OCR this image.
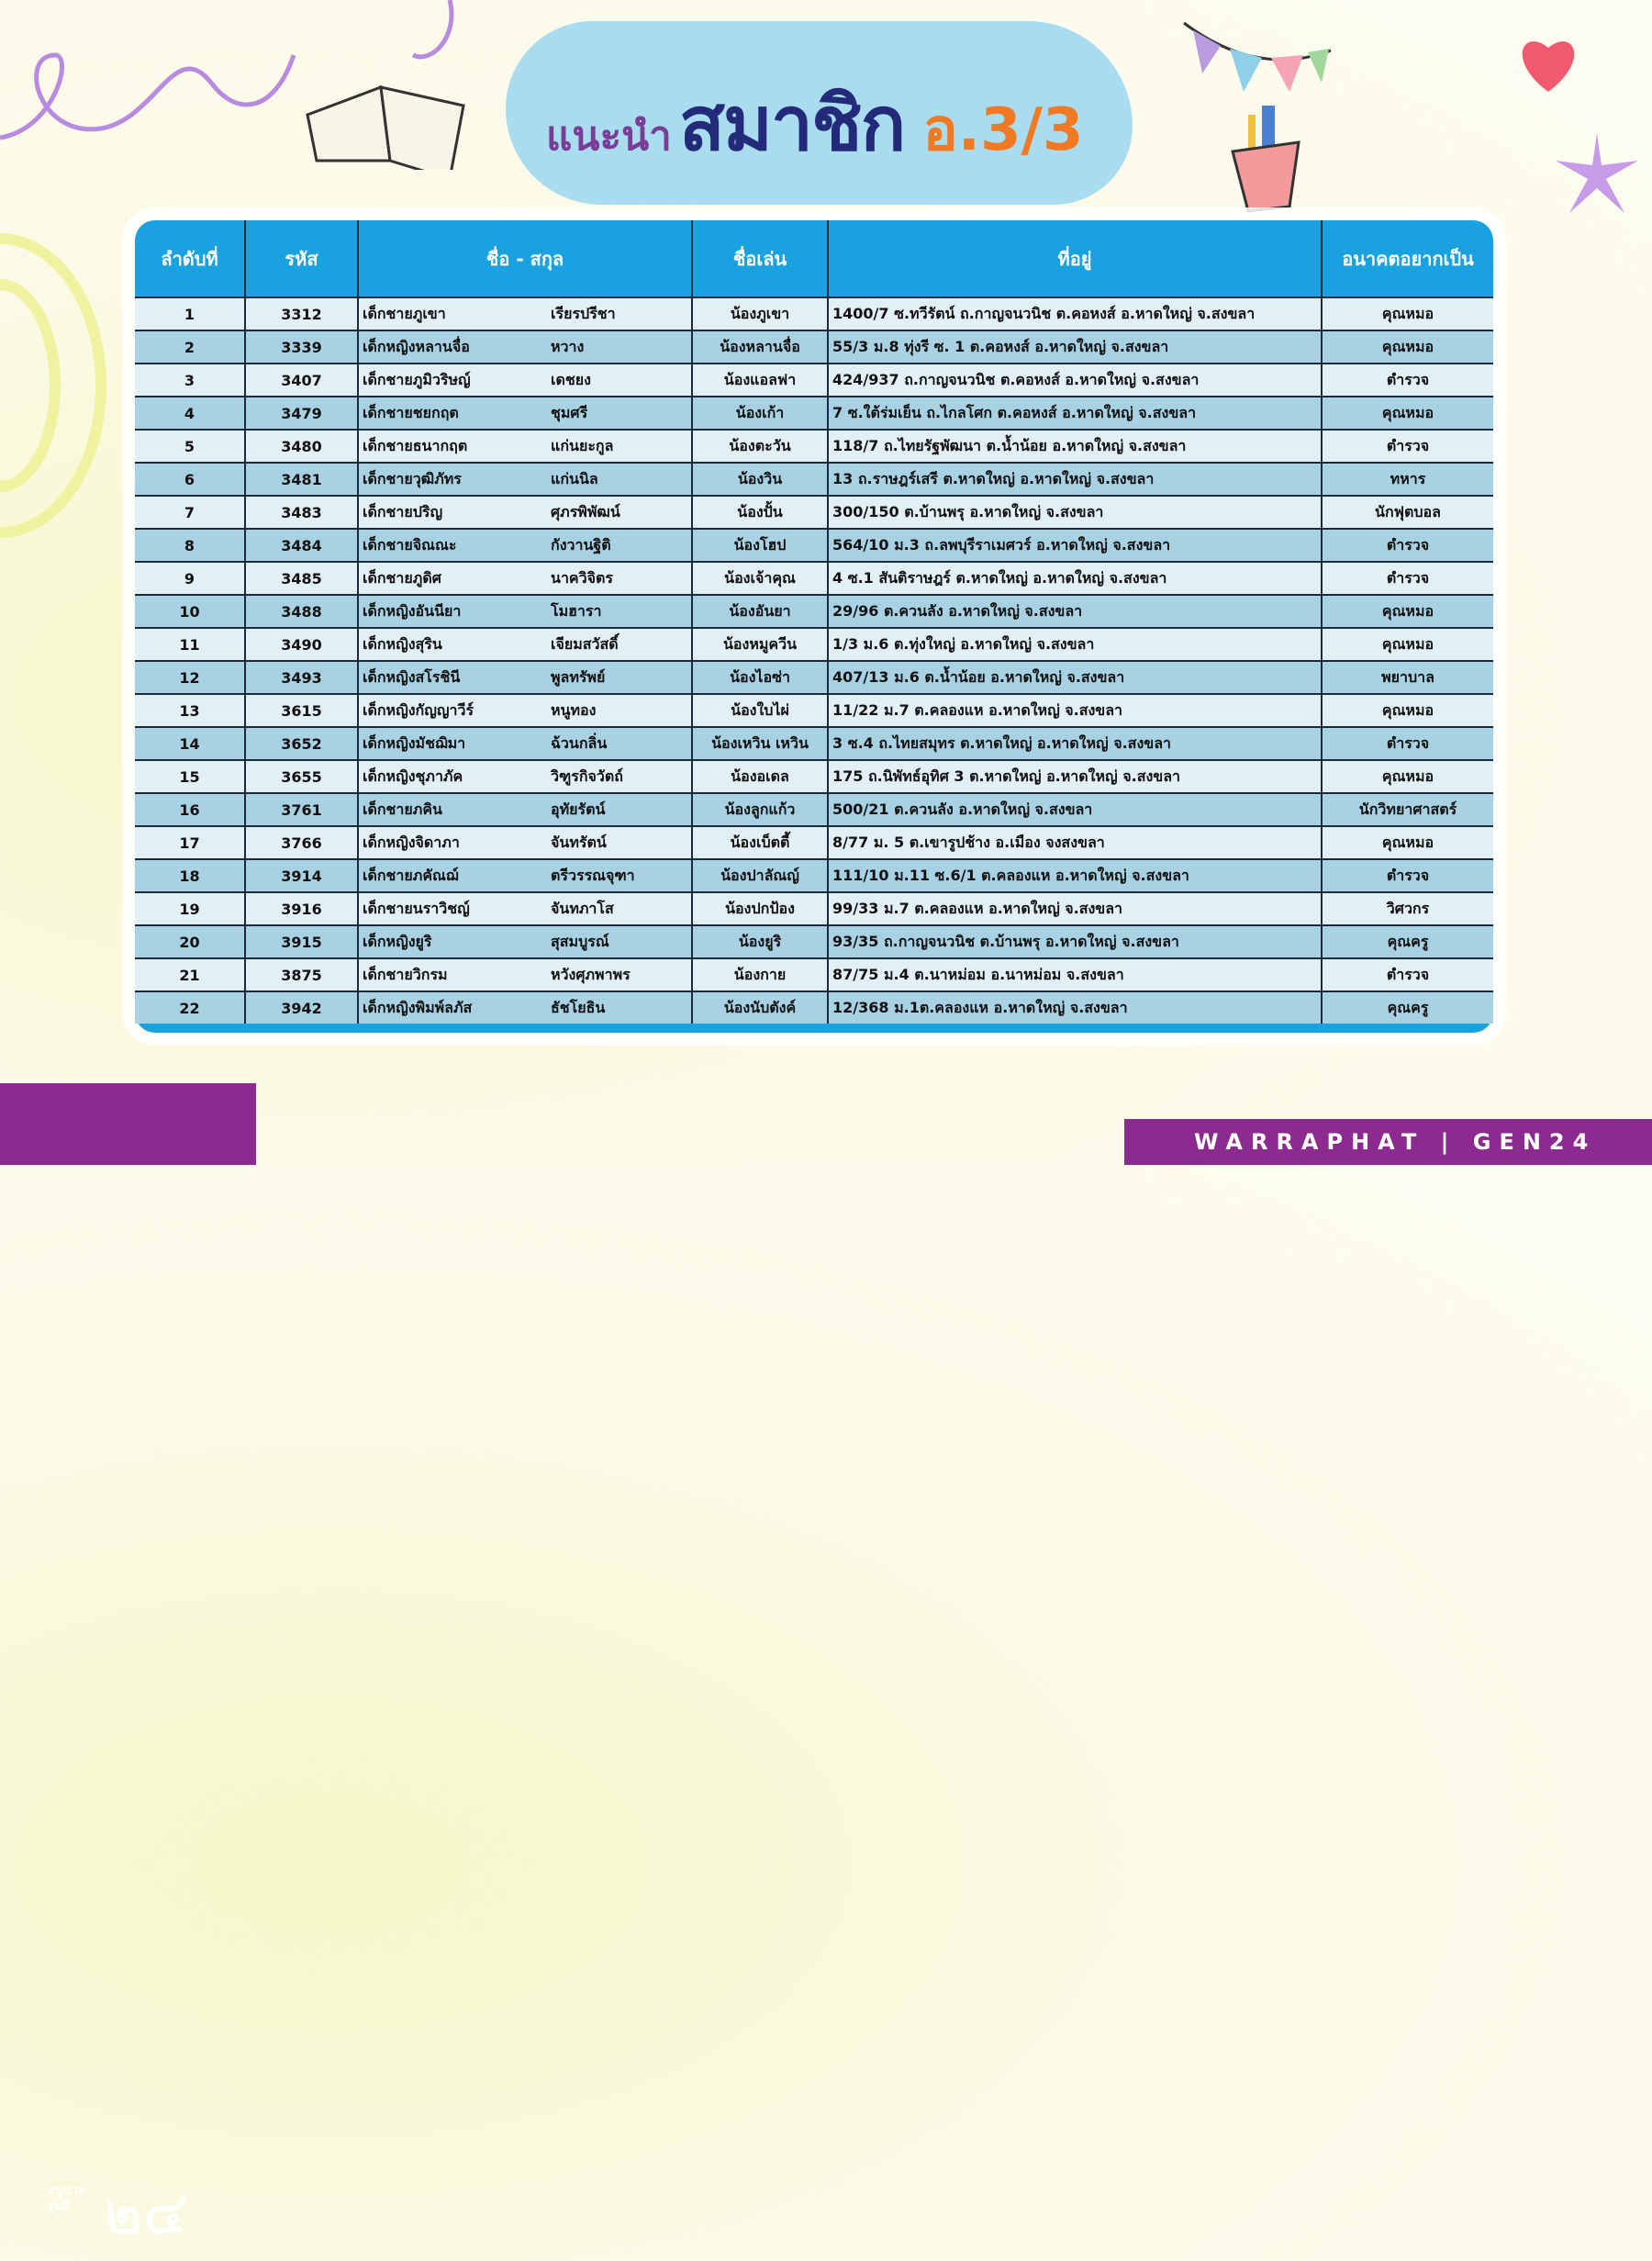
แนะนำ สมาชิก อ.3/3
ลำดับที่	รหัส	ชื่อ - สกุล	ชื่อเล่น	ที่อยู่	อนาคตอยากเป็น
1	3312	เด็กชายภูเขา เรียรปรีชา	น้องภูเขา	1400/7 ซ.ทวีรัตน์ ถ.กาญจนวนิช ต.คอหงส์ อ.หาดใหญ่ จ.สงขลา	คุณหมอ
2	3339	เด็กหญิงหลานจื่อ หวาง	น้องหลานจื่อ	55/3 ม.8 ทุ่งรี ซ. 1 ต.คอหงส์ อ.หาดใหญ่ จ.สงขลา	คุณหมอ
3	3407	เด็กชายภูมิวริษญ์ เดชยง	น้องแอลฟา	424/937 ถ.กาญจนวนิช ต.คอหงส์ อ.หาดใหญ่ จ.สงขลา	ตำรวจ
4	3479	เด็กชายชยกฤต ชุมศรี	น้องเก้า	7 ซ.ใต้ร่มเย็น ถ.ไกลโศก ต.คอหงส์ อ.หาดใหญ่ จ.สงขลา	คุณหมอ
5	3480	เด็กชายธนากฤต แก่นยะกูล	น้องตะวัน	118/7 ถ.ไทยรัฐพัฒนา ต.น้ำน้อย อ.หาดใหญ่ จ.สงขลา	ตำรวจ
6	3481	เด็กชายวุฒิภัทร แก่นนิล	น้องวิน	13 ถ.ราษฎร์เสรี ต.หาดใหญ่ อ.หาดใหญ่ จ.สงขลา	ทหาร
7	3483	เด็กชายปริญ ศุภรพิพัฒน์	น้องปั้น	300/150 ต.บ้านพรุ อ.หาดใหญ่ จ.สงขลา	นักฟุตบอล
8	3484	เด็กชายจิณณะ กังวานฐิติ	น้องโฮป	564/10 ม.3 ถ.ลพบุรีราเมศวร์ อ.หาดใหญ่ จ.สงขลา	ตำรวจ
9	3485	เด็กชายภูดิศ นาควิจิตร	น้องเจ้าคุณ	4 ซ.1 สันติราษฎร์ ต.หาดใหญ่ อ.หาดใหญ่ จ.สงขลา	ตำรวจ
10	3488	เด็กหญิงอันนียา โมฮารา	น้องอันยา	29/96 ต.ควนลัง อ.หาดใหญ่ จ.สงขลา	คุณหมอ
11	3490	เด็กหญิงสุริน เจียมสวัสดิ์	น้องหมูควีน	1/3 ม.6 ต.ทุ่งใหญ่ อ.หาดใหญ่ จ.สงขลา	คุณหมอ
12	3493	เด็กหญิงสโรชินี พูลทรัพย์	น้องไอซ่า	407/13 ม.6 ต.น้ำน้อย อ.หาดใหญ่ จ.สงขลา	พยาบาล
13	3615	เด็กหญิงกัญญาวีร์ หนูทอง	น้องใบไผ่	11/22 ม.7 ต.คลองแห อ.หาดใหญ่ จ.สงขลา	คุณหมอ
14	3652	เด็กหญิงมัชฌิมา ฉ้วนกลิ่น	น้องเหวิน เหวิน	3 ซ.4 ถ.ไทยสมุทร ต.หาดใหญ่ อ.หาดใหญ่ จ.สงขลา	ตำรวจ
15	3655	เด็กหญิงชุภาภัค วิฑูรกิจวัตถ์	น้องอเดล	175 ถ.นิพัทธ์อุทิศ 3 ต.หาดใหญ่ อ.หาดใหญ่ จ.สงขลา	คุณหมอ
16	3761	เด็กชายภคิน อุทัยรัตน์	น้องลูกแก้ว	500/21 ต.ควนลัง อ.หาดใหญ่ จ.สงขลา	นักวิทยาศาสตร์
17	3766	เด็กหญิงจิดาภา จันทรัตน์	น้องเบ็ตตี้	8/77 ม. 5 ต.เขารูปช้าง อ.เมือง จงสงขลา	คุณหมอ
18	3914	เด็กชายภคัณฌ์ ตรีวรรณจุฑา	น้องปาลัณญ์	111/10 ม.11 ซ.6/1 ต.คลองแห อ.หาดใหญ่ จ.สงขลา	ตำรวจ
19	3916	เด็กชายนราวิชญ์ จันทภาโส	น้องปกป้อง	99/33 ม.7 ต.คลองแห อ.หาดใหญ่ จ.สงขลา	วิศวกร
20	3915	เด็กหญิงยูริ สุสมบูรณ์	น้องยูริ	93/35 ถ.กาญจนวนิช ต.บ้านพรุ อ.หาดใหญ่ จ.สงขลา	คุณครู
21	3875	เด็กชายวิกรม หวังศุภพาพร	น้องกาย	87/75 ม.4 ต.นาหม่อม อ.นาหม่อม จ.สงขลา	ตำรวจ
22	3942	เด็กหญิงพิมพ์ลภัส ธัชโยธิน	น้องนับตังค์	12/368 ม.1ต.คลองแห อ.หาดใหญ่ จ.สงขลา	คุณครู
อนุบาล รุ่นที่ ๒๔
WARRAPHAT | GEN24
